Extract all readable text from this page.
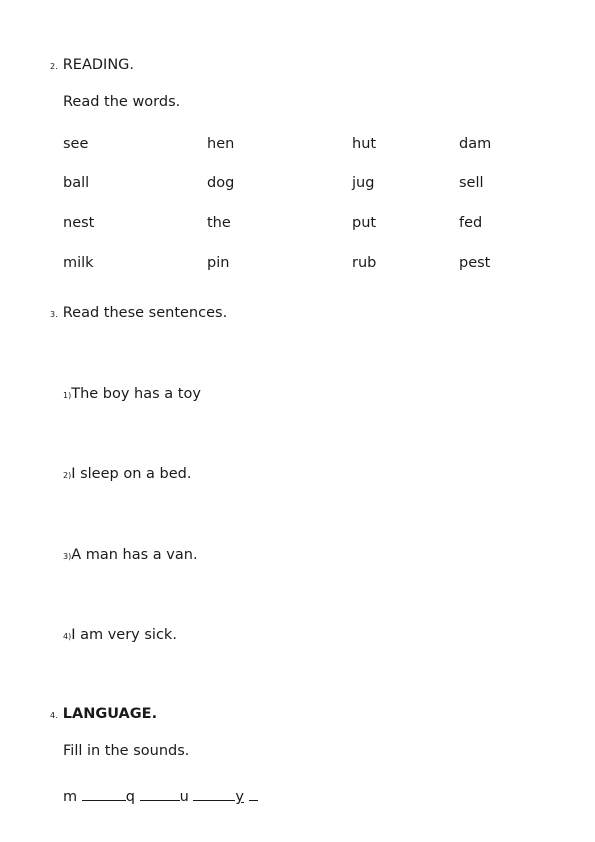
2. READING.
Read the words.
see	hen	hut	dam
ball	dog	jug	sell
nest	the	put	fed
milk	pin	rub	pest
3. Read these sentences.
1)The boy has a toy
2)I sleep on a bed.
3)A man has a van.
4)I am very sick.
4. LANGUAGE.
Fill in the sounds.
m	q	u	y
